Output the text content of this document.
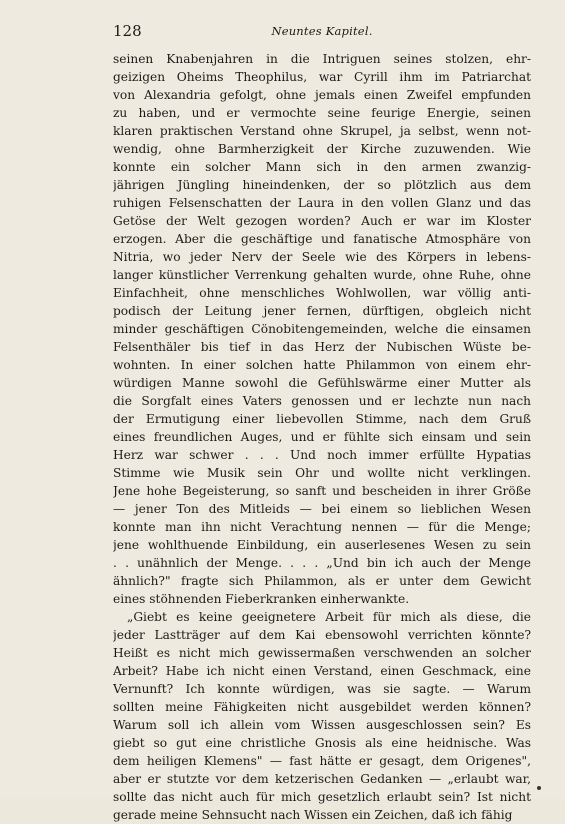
128	Neuntes Kapitel.
seinen Knabenjahren in die Intriguen seines stolzen, ehr-
geizigen Oheims Theophilus, war Cyrill ihm im Patriarchat
von Alexandria gefolgt, ohne jemals einen Zweifel empfunden
zu haben, und er vermochte seine feurige Energie, seinen
klaren praktischen Verstand ohne Skrupel, ja selbst, wenn not-
wendig, ohne Barmherzigkeit der Kirche zuzuwenden. Wie
konnte ein solcher Mann sich in den armen zwanzig-
jährigen Jüngling hineindenken, der so plötzlich aus dem
ruhigen Felsenschatten der Laura in den vollen Glanz und das
Getöse der Welt gezogen worden? Auch er war im Kloster
erzogen. Aber die geschäftige und fanatische Atmosphäre von
Nitria, wo jeder Nerv der Seele wie des Körpers in lebens-
langer künstlicher Verrenkung gehalten wurde, ohne Ruhe, ohne
Einfachheit, ohne menschliches Wohlwollen, war völlig anti-
podisch der Leitung jener fernen, dürftigen, obgleich nicht
minder geschäftigen Cönobitengemeinden, welche die einsamen
Felsenthäler bis tief in das Herz der Nubischen Wüste be-
wohnten. In einer solchen hatte Philammon von einem ehr-
würdigen Manne sowohl die Gefühlswärme einer Mutter als
die Sorgfalt eines Vaters genossen und er lechzte nun nach
der Ermutigung einer liebevollen Stimme, nach dem Gruß
eines freundlichen Auges, und er fühlte sich einsam und sein
Herz war schwer . . . Und noch immer erfüllte Hypatias
Stimme wie Musik sein Ohr und wollte nicht verklingen.
Jene hohe Begeisterung, so sanft und bescheiden in ihrer Größe
— jener Ton des Mitleids — bei einem so lieblichen Wesen
konnte man ihn nicht Verachtung nennen — für die Menge;
jene wohlthuende Einbildung, ein auserlesenes Wesen zu sein
. . unähnlich der Menge. . . . „Und bin ich auch der Menge
ähnlich?" fragte sich Philammon, als er unter dem Gewicht
eines stöhnenden Fieberkranken einherwankte.
„Giebt es keine geeignetere Arbeit für mich als diese, die
jeder Lastträger auf dem Kai ebensowohl verrichten könnte?
Heißt es nicht mich gewissermaßen verschwenden an solcher
Arbeit? Habe ich nicht einen Verstand, einen Geschmack, eine
Vernunft? Ich konnte würdigen, was sie sagte. — Warum
sollten meine Fähigkeiten nicht ausgebildet werden können?
Warum soll ich allein vom Wissen ausgeschlossen sein? Es
giebt so gut eine christliche Gnosis als eine heidnische. Was
dem heiligen Klemens" — fast hätte er gesagt, dem Origenes",
aber er stutzte vor dem ketzerischen Gedanken — „erlaubt war,
sollte das nicht auch für mich gesetzlich erlaubt sein? Ist nicht
gerade meine Sehnsucht nach Wissen ein Zeichen, daß ich fähig
